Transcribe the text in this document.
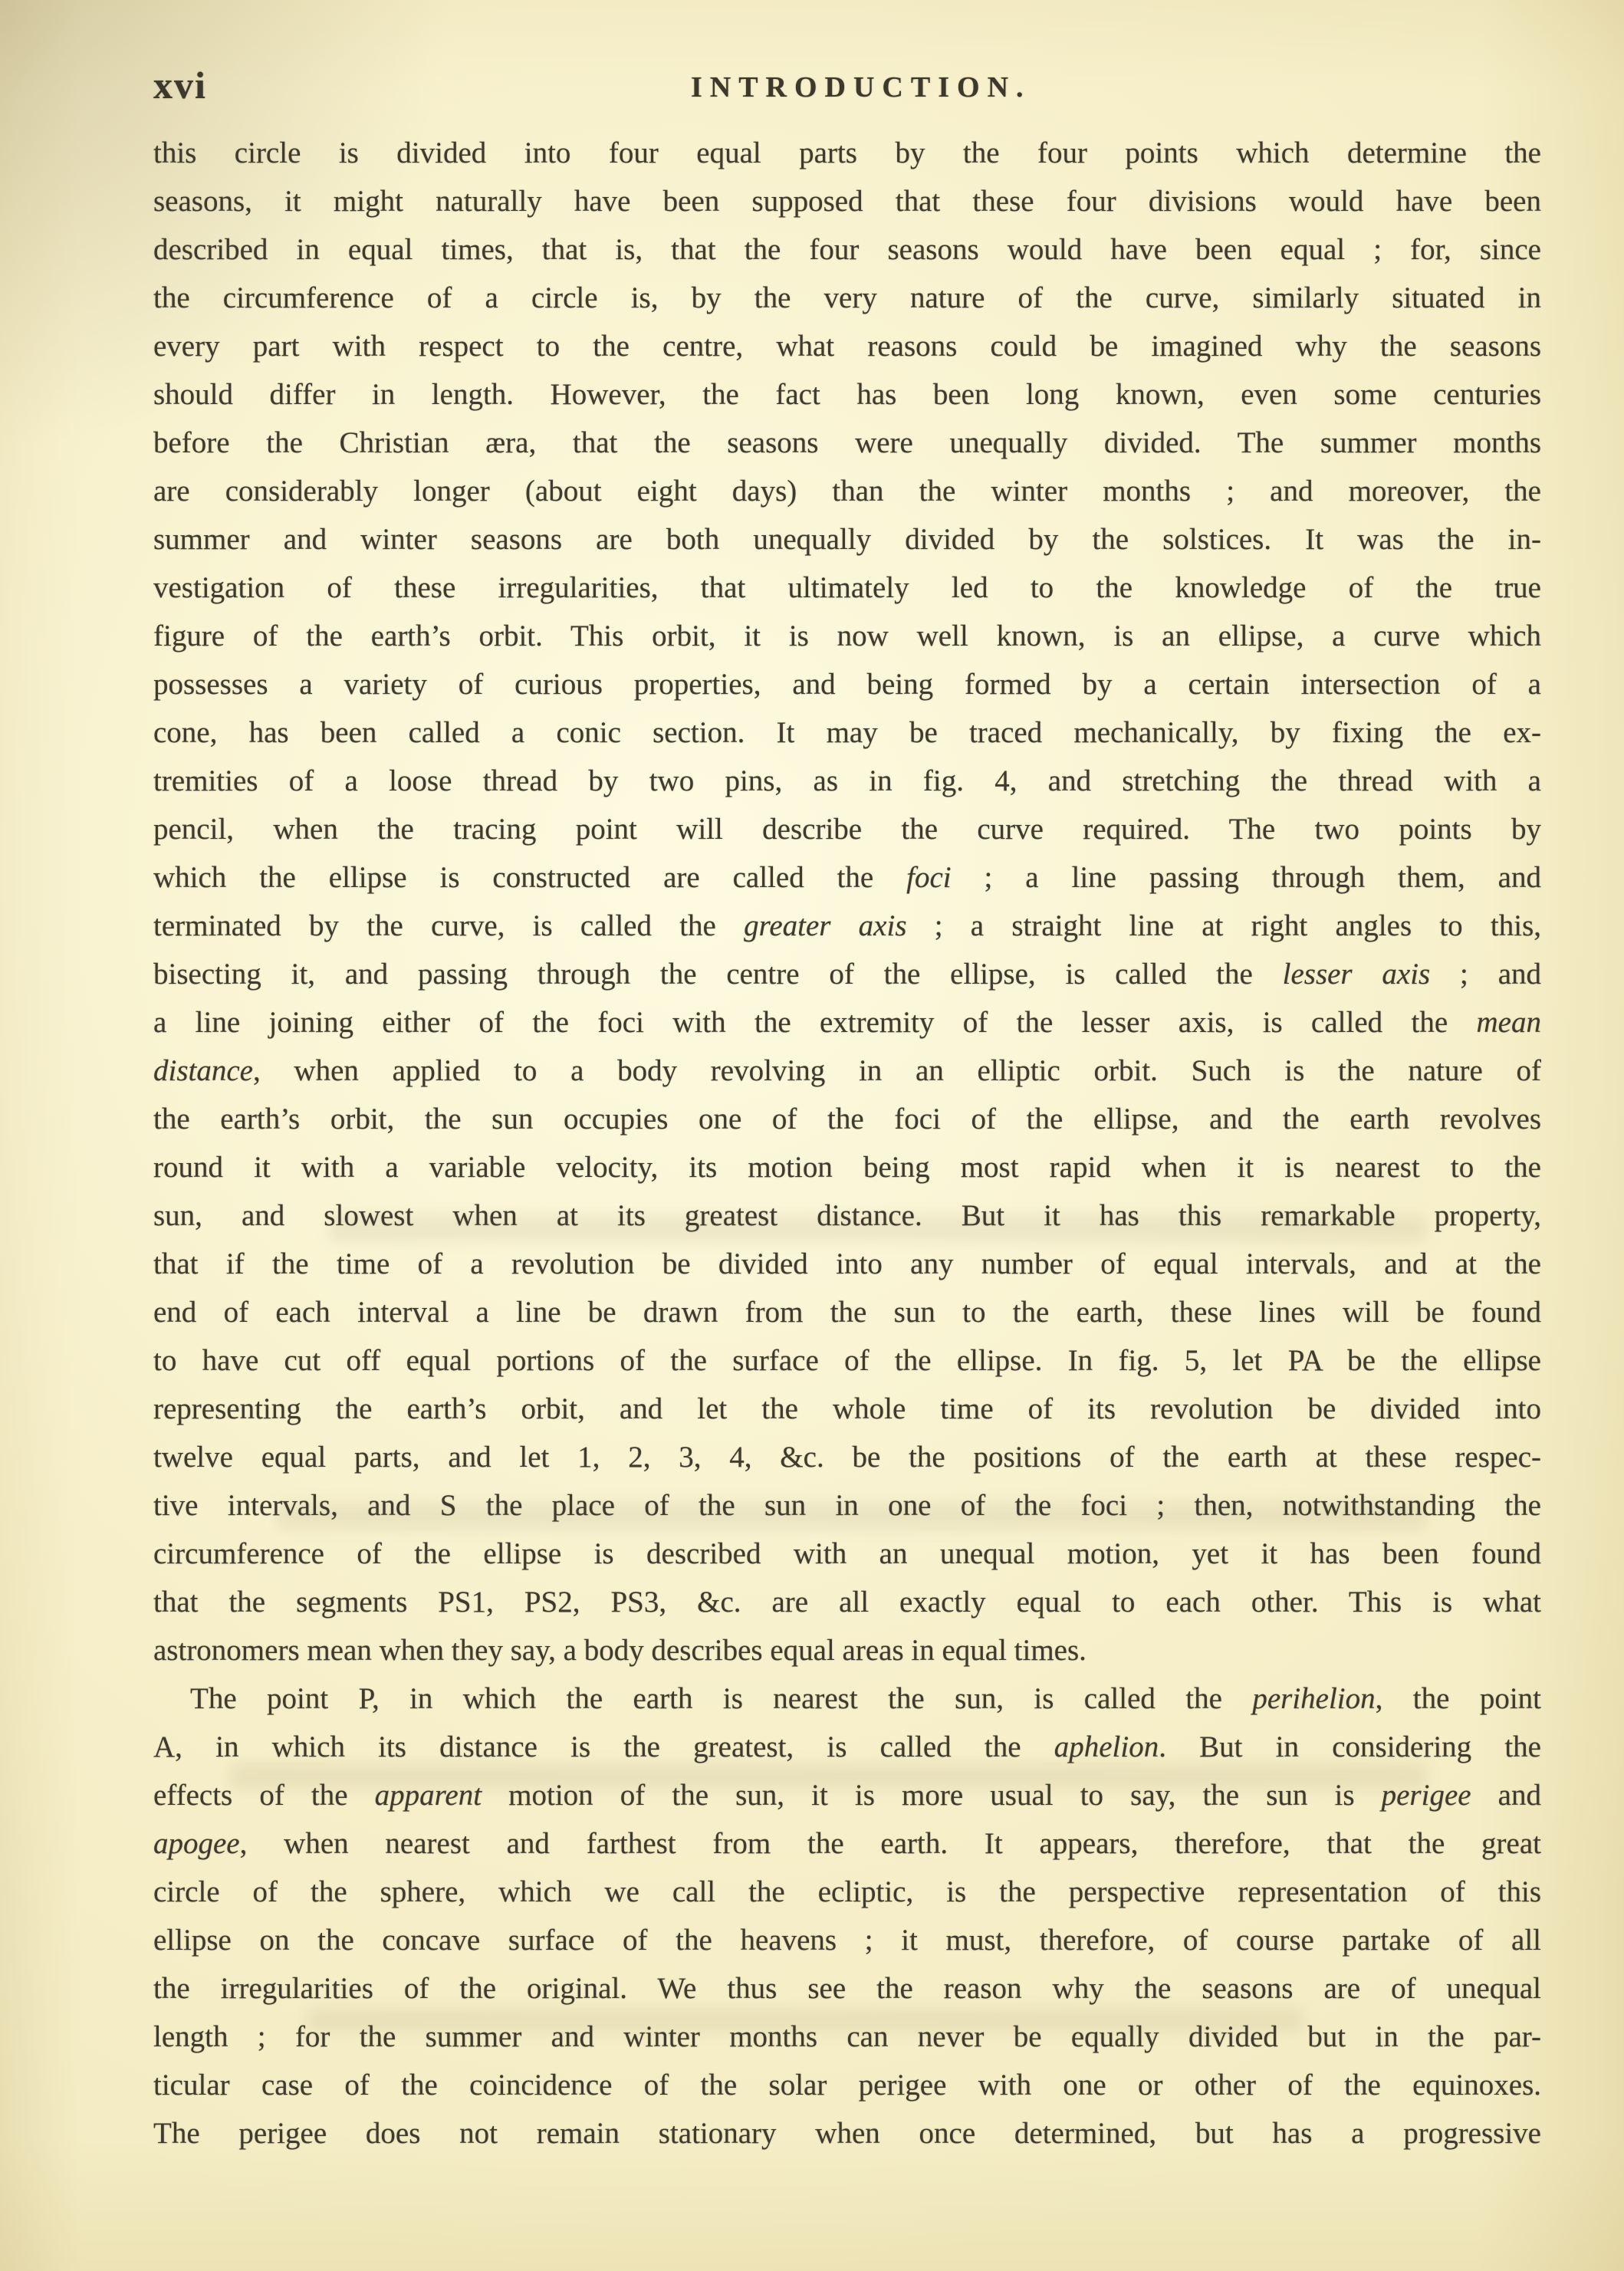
xvi	INTRODUCTION.
this circle is divided into four equal parts by the four points which determine the
seasons, it might naturally have been supposed that these four divisions would have been
described in equal times, that is, that the four seasons would have been equal ; for, since
the circumference of a circle is, by the very nature of the curve, similarly situated in
every part with respect to the centre, what reasons could be imagined why the seasons
should differ in length. However, the fact has been long known, even some centuries
before the Christian æra, that the seasons were unequally divided. The summer months
are considerably longer (about eight days) than the winter months ; and moreover, the
summer and winter seasons are both unequally divided by the solstices. It was the in-
vestigation of these irregularities, that ultimately led to the knowledge of the true
figure of the earth’s orbit. This orbit, it is now well known, is an ellipse, a curve which
possesses a variety of curious properties, and being formed by a certain intersection of a
cone, has been called a conic section. It may be traced mechanically, by fixing the ex-
tremities of a loose thread by two pins, as in fig. 4, and stretching the thread with a
pencil, when the tracing point will describe the curve required. The two points by
which the ellipse is constructed are called the foci ; a line passing through them, and
terminated by the curve, is called the greater axis ; a straight line at right angles to this,
bisecting it, and passing through the centre of the ellipse, is called the lesser axis ; and
a line joining either of the foci with the extremity of the lesser axis, is called the mean
distance, when applied to a body revolving in an elliptic orbit. Such is the nature of
the earth’s orbit, the sun occupies one of the foci of the ellipse, and the earth revolves
round it with a variable velocity, its motion being most rapid when it is nearest to the
sun, and slowest when at its greatest distance. But it has this remarkable property,
that if the time of a revolution be divided into any number of equal intervals, and at the
end of each interval a line be drawn from the sun to the earth, these lines will be found
to have cut off equal portions of the surface of the ellipse. In fig. 5, let PA be the ellipse
representing the earth’s orbit, and let the whole time of its revolution be divided into
twelve equal parts, and let 1, 2, 3, 4, &c. be the positions of the earth at these respec-
tive intervals, and S the place of the sun in one of the foci ; then, notwithstanding the
circumference of the ellipse is described with an unequal motion, yet it has been found
that the segments PS1, PS2, PS3, &c. are all exactly equal to each other. This is what
astronomers mean when they say, a body describes equal areas in equal times.
The point P, in which the earth is nearest the sun, is called the perihelion, the point
A, in which its distance is the greatest, is called the aphelion. But in considering the
effects of the apparent motion of the sun, it is more usual to say, the sun is perigee and
apogee, when nearest and farthest from the earth. It appears, therefore, that the great
circle of the sphere, which we call the ecliptic, is the perspective representation of this
ellipse on the concave surface of the heavens ; it must, therefore, of course partake of all
the irregularities of the original. We thus see the reason why the seasons are of unequal
length ; for the summer and winter months can never be equally divided but in the par-
ticular case of the coincidence of the solar perigee with one or other of the equinoxes.
The perigee does not remain stationary when once determined, but has a progressive
